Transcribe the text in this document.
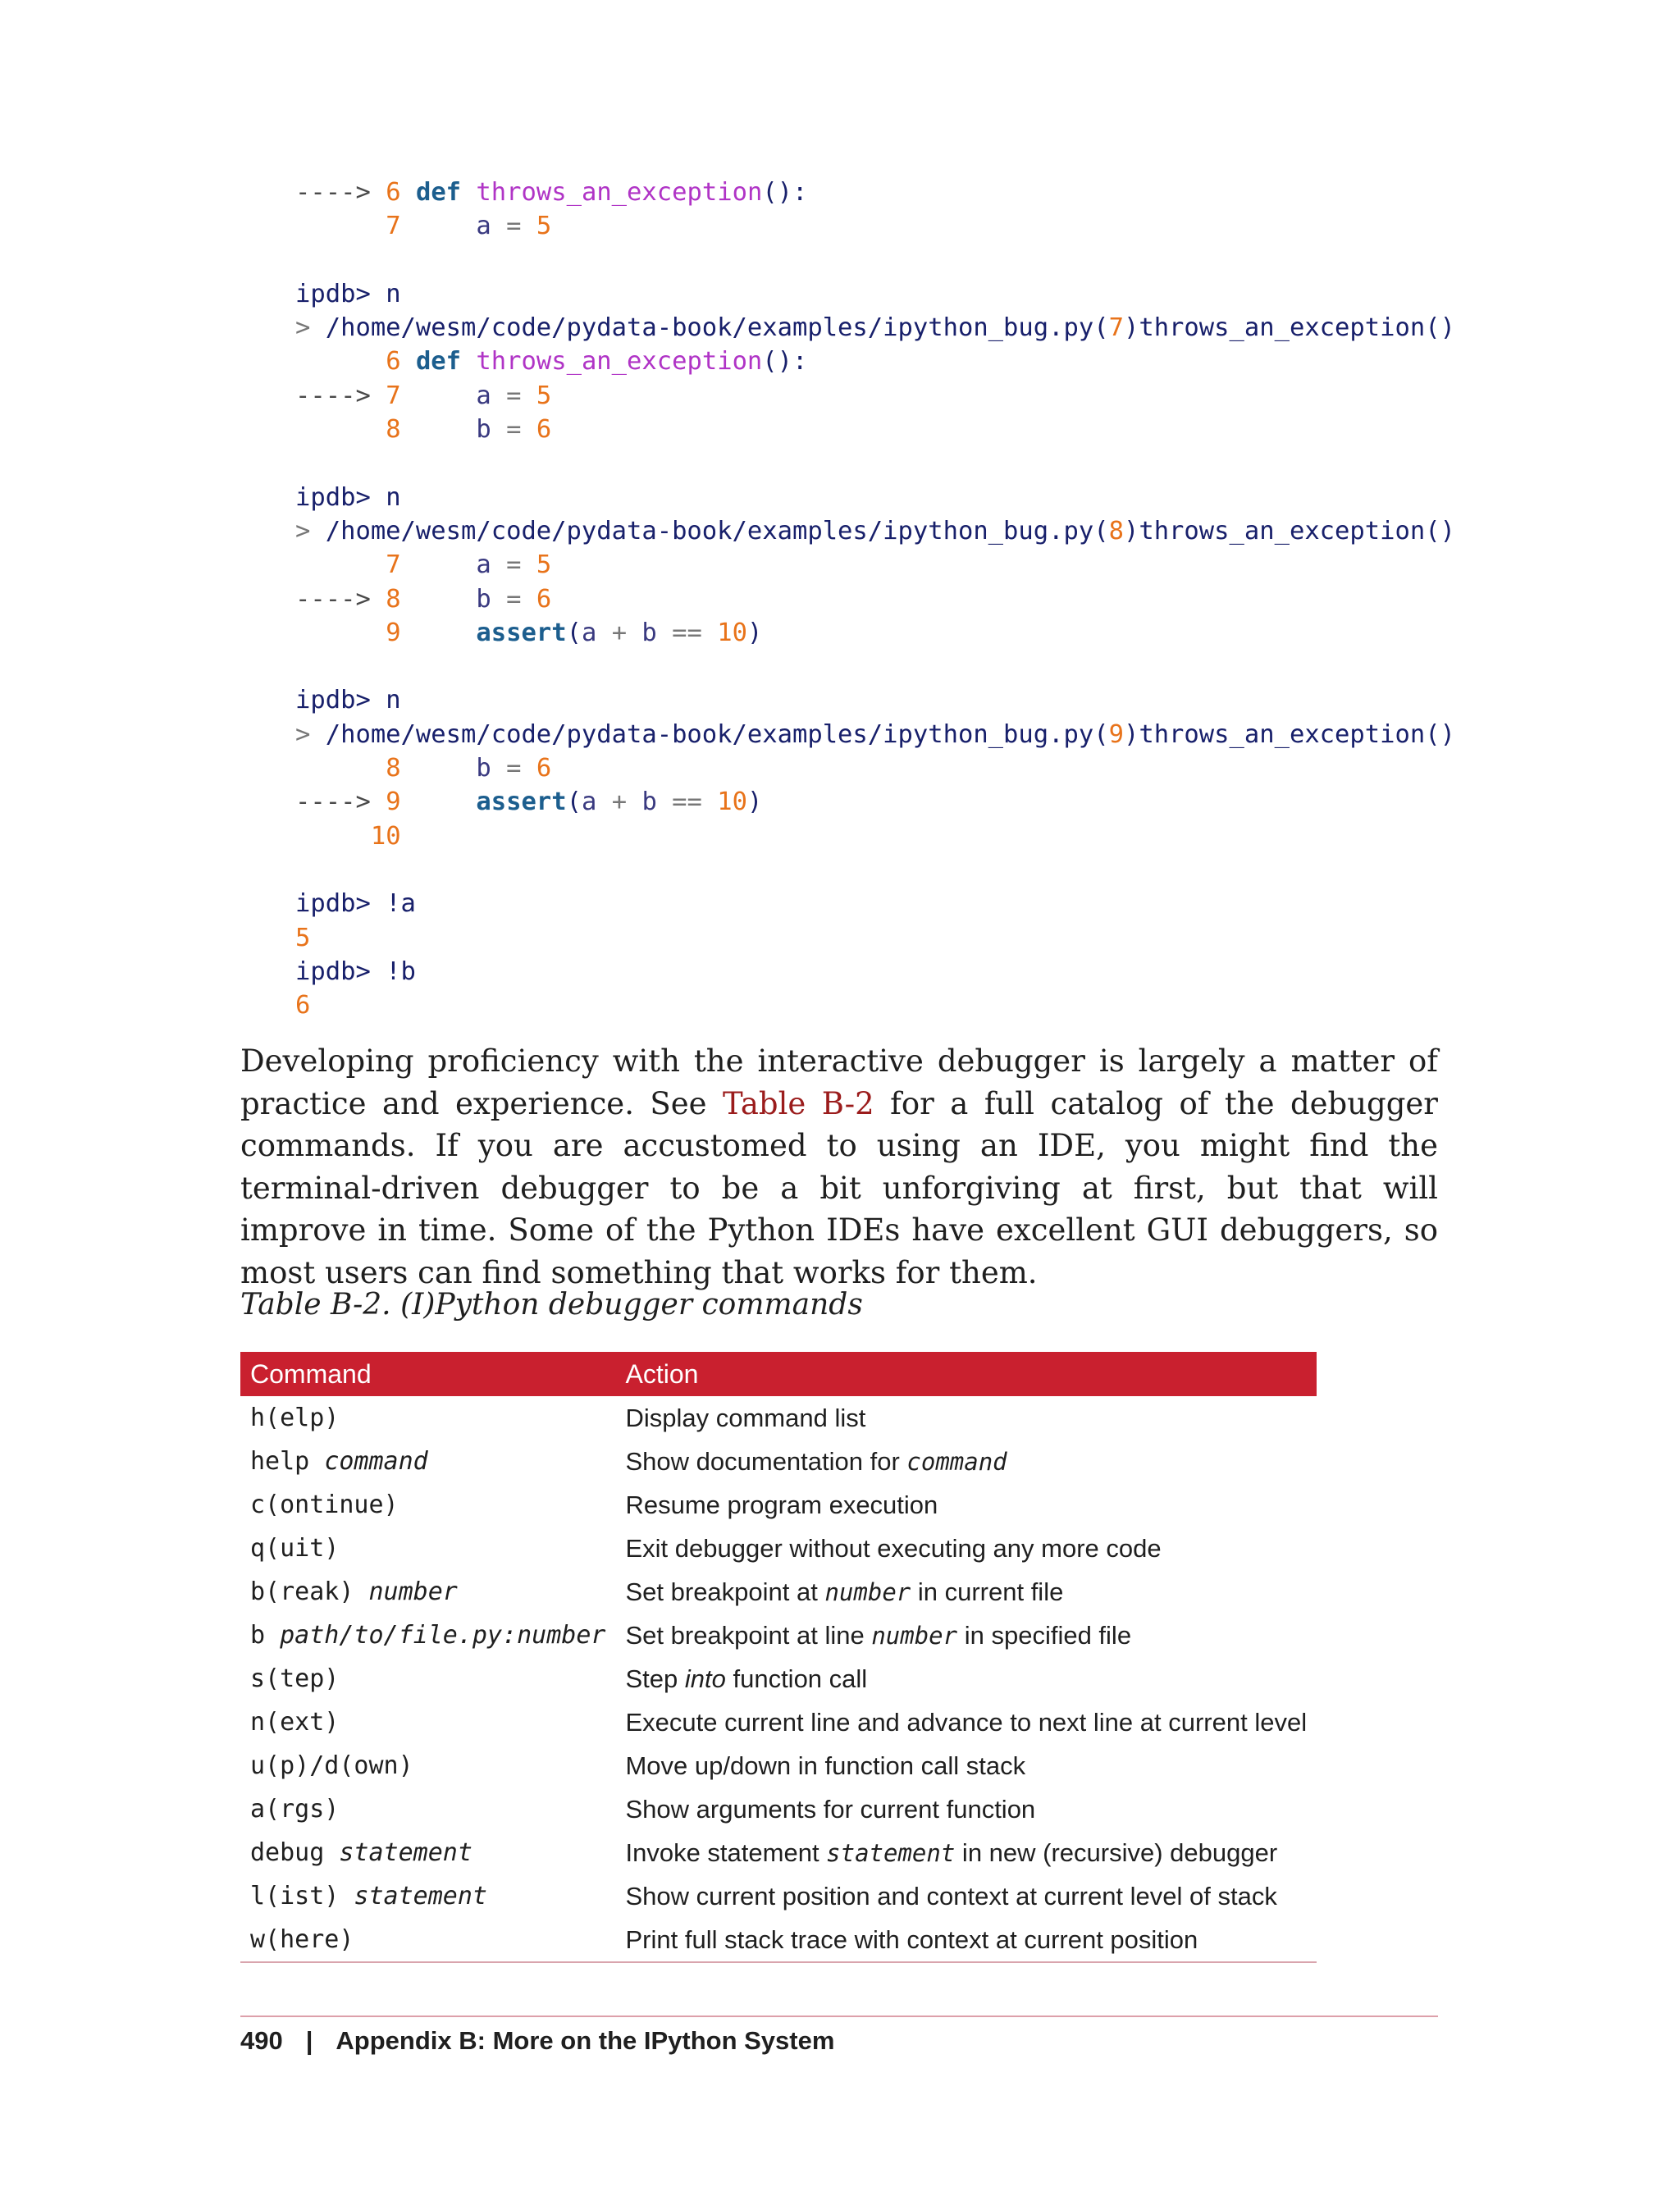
----> 6 def throws_an_exception():
7	a = 5
ipdb> n
> /home/wesm/code/pydata-book/examples/ipython_bug.py(7)throws_an_exception()
6 def throws_an_exception():
----> 7	a = 5
8	b = 6
ipdb> n
> /home/wesm/code/pydata-book/examples/ipython_bug.py(8)throws_an_exception()
7	a = 5
----> 8	b = 6
9	assert(a + b == 10)
ipdb> n
> /home/wesm/code/pydata-book/examples/ipython_bug.py(9)throws_an_exception()
8	b = 6
----> 9	assert(a + b == 10)
10
ipdb> !a
5
ipdb> !b
6

Developing proficiency with the interactive debugger is largely a matter of practice and experience. See Table B-2 for a full catalog of the debugger commands. If you are accustomed to using an IDE, you might find the terminal-driven debugger to be a bit unforgiving at first, but that will improve in time. Some of the Python IDEs have excellent GUI debuggers, so most users can find something that works for them.

Table B-2. (I)Python debugger commands
Command	Action
h(elp)	Display command list
help command	Show documentation for command
c(ontinue)	Resume program execution
q(uit)	Exit debugger without executing any more code
b(reak) number	Set breakpoint at number in current file
b path/to/file.py:number	Set breakpoint at line number in specified file
s(tep)	Step into function call
n(ext)	Execute current line and advance to next line at current level
u(p)/d(own)	Move up/down in function call stack
a(rgs)	Show arguments for current function
debug statement	Invoke statement statement in new (recursive) debugger
l(ist) statement	Show current position and context at current level of stack
w(here)	Print full stack trace with context at current position
490 | Appendix B: More on the IPython System
